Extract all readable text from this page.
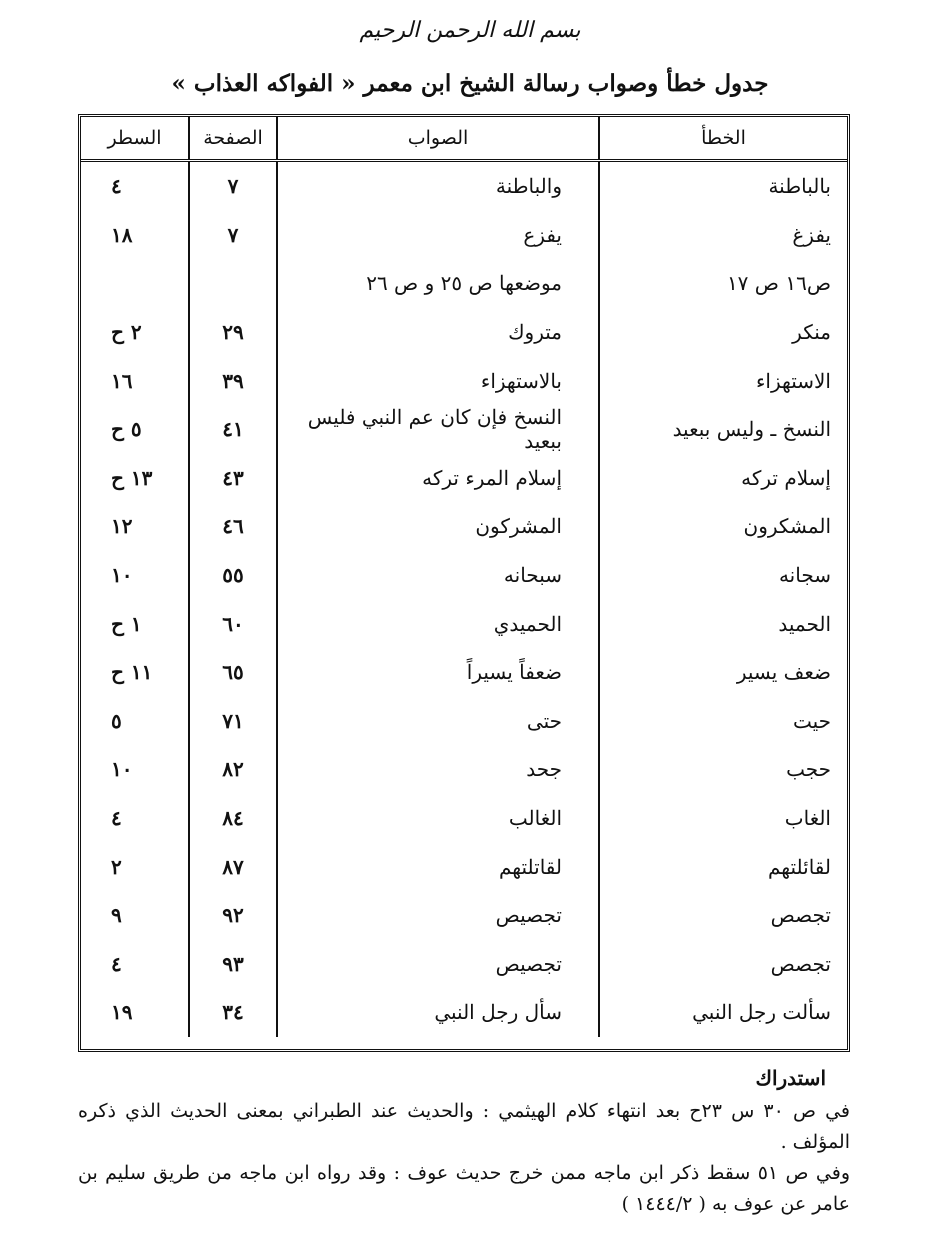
بسم الله الرحمن الرحيم
جدول خطأ وصواب رسالة الشيخ ابن معمر « الفواكه العذاب »
الخطأ	الصواب	الصفحة	السطر
بالباطنة	والباطنة	٧	٤
يفزغ	يفزع	٧	١٨
ص١٦ ص ١٧	موضعها ص ٢٥ و ص ٢٦		
منكر	متروك	٢٩	٢ ح
الاستهزاء	بالاستهزاء	٣٩	١٦
النسخ ـ وليس ببعيد	النسخ فإن كان عم النبي فليس ببعيد	٤١	٥ ح
إسلام تركه	إسلام المرء تركه	٤٣	١٣ ح
المشكرون	المشركون	٤٦	١٢
سجانه	سبحانه	٥٥	١٠
الحميد	الحميدي	٦٠	١ ح
ضعف يسير	ضعفاً يسيراً	٦٥	١١ ح
حيت	حتى	٧١	٥
حجب	جحد	٨٢	١٠
الغاب	الغالب	٨٤	٤
لقائلتهم	لقاتلتهم	٨٧	٢
تجصص	تجصيص	٩٢	٩
تجصص	تجصيص	٩٣	٤
سألت رجل النبي	سأل رجل النبي	٣٤	١٩
استدراك

في ص ٣٠ س ٢٣ح بعد انتهاء كلام الهيثمي : والحديث عند الطبراني بمعنى الحديث الذي ذكره المؤلف .

وفي ص ٥١ سقط ذكر ابن ماجه ممن خرج حديث عوف : وقد رواه ابن ماجه من طريق سليم بن عامر عن عوف به ( ١٤٤٤/٢ )
